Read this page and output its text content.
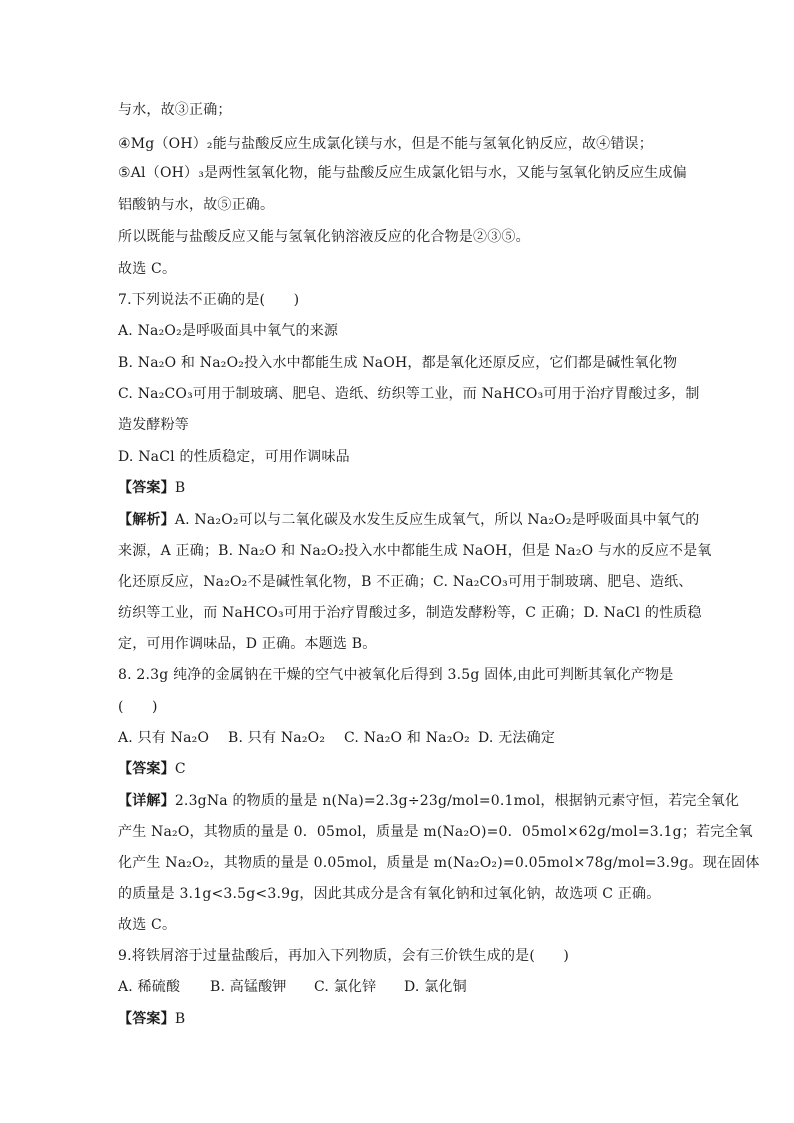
与水，故③正确；
④Mg（OH）₂能与盐酸反应生成氯化镁与水，但是不能与氢氧化钠反应，故④错误；
⑤Al（OH）₃是两性氢氧化物，能与盐酸反应生成氯化铝与水，又能与氢氧化钠反应生成偏
铝酸钠与水，故⑤正确。
所以既能与盐酸反应又能与氢氧化钠溶液反应的化合物是②③⑤。
故选 C。
7.下列说法不正确的是(　　)
A. Na₂O₂是呼吸面具中氧气的来源
B. Na₂O 和 Na₂O₂投入水中都能生成 NaOH，都是氧化还原反应，它们都是碱性氧化物
C. Na₂CO₃可用于制玻璃、肥皂、造纸、纺织等工业，而 NaHCO₃可用于治疗胃酸过多，制
造发酵粉等
D. NaCl 的性质稳定，可用作调味品
【答案】B
【解析】A. Na₂O₂可以与二氧化碳及水发生反应生成氧气，所以 Na₂O₂是呼吸面具中氧气的
来源，A 正确；B. Na₂O 和 Na₂O₂投入水中都能生成 NaOH，但是 Na₂O 与水的反应不是氧
化还原反应，Na₂O₂不是碱性氧化物，B 不正确；C. Na₂CO₃可用于制玻璃、肥皂、造纸、
纺织等工业，而 NaHCO₃可用于治疗胃酸过多，制造发酵粉等，C 正确；D. NaCl 的性质稳
定，可用作调味品，D 正确。本题选 B。
8. 2.3g 纯净的金属钠在干燥的空气中被氧化后得到 3.5g 固体,由此可判断其氧化产物是
(　　)
A. 只有 Na₂O B. 只有 Na₂O₂ C. Na₂O 和 Na₂O₂ D. 无法确定
【答案】C
【详解】2.3gNa 的物质的量是 n(Na)=2.3g÷23g/mol=0.1mol，根据钠元素守恒，若完全氧化
产生 Na₂O，其物质的量是 0．05mol，质量是 m(Na₂O)=0．05mol×62g/mol=3.1g；若完全氧
化产生 Na₂O₂，其物质的量是 0.05mol，质量是 m(Na₂O₂)=0.05mol×78g/mol=3.9g。现在固体
的质量是 3.1g<3.5g<3.9g，因此其成分是含有氧化钠和过氧化钠，故选项 C 正确。
故选 C。
9.将铁屑溶于过量盐酸后，再加入下列物质，会有三价铁生成的是(　　)
A. 稀硫酸 B. 高锰酸钾 C. 氯化锌 D. 氯化铜
【答案】B
